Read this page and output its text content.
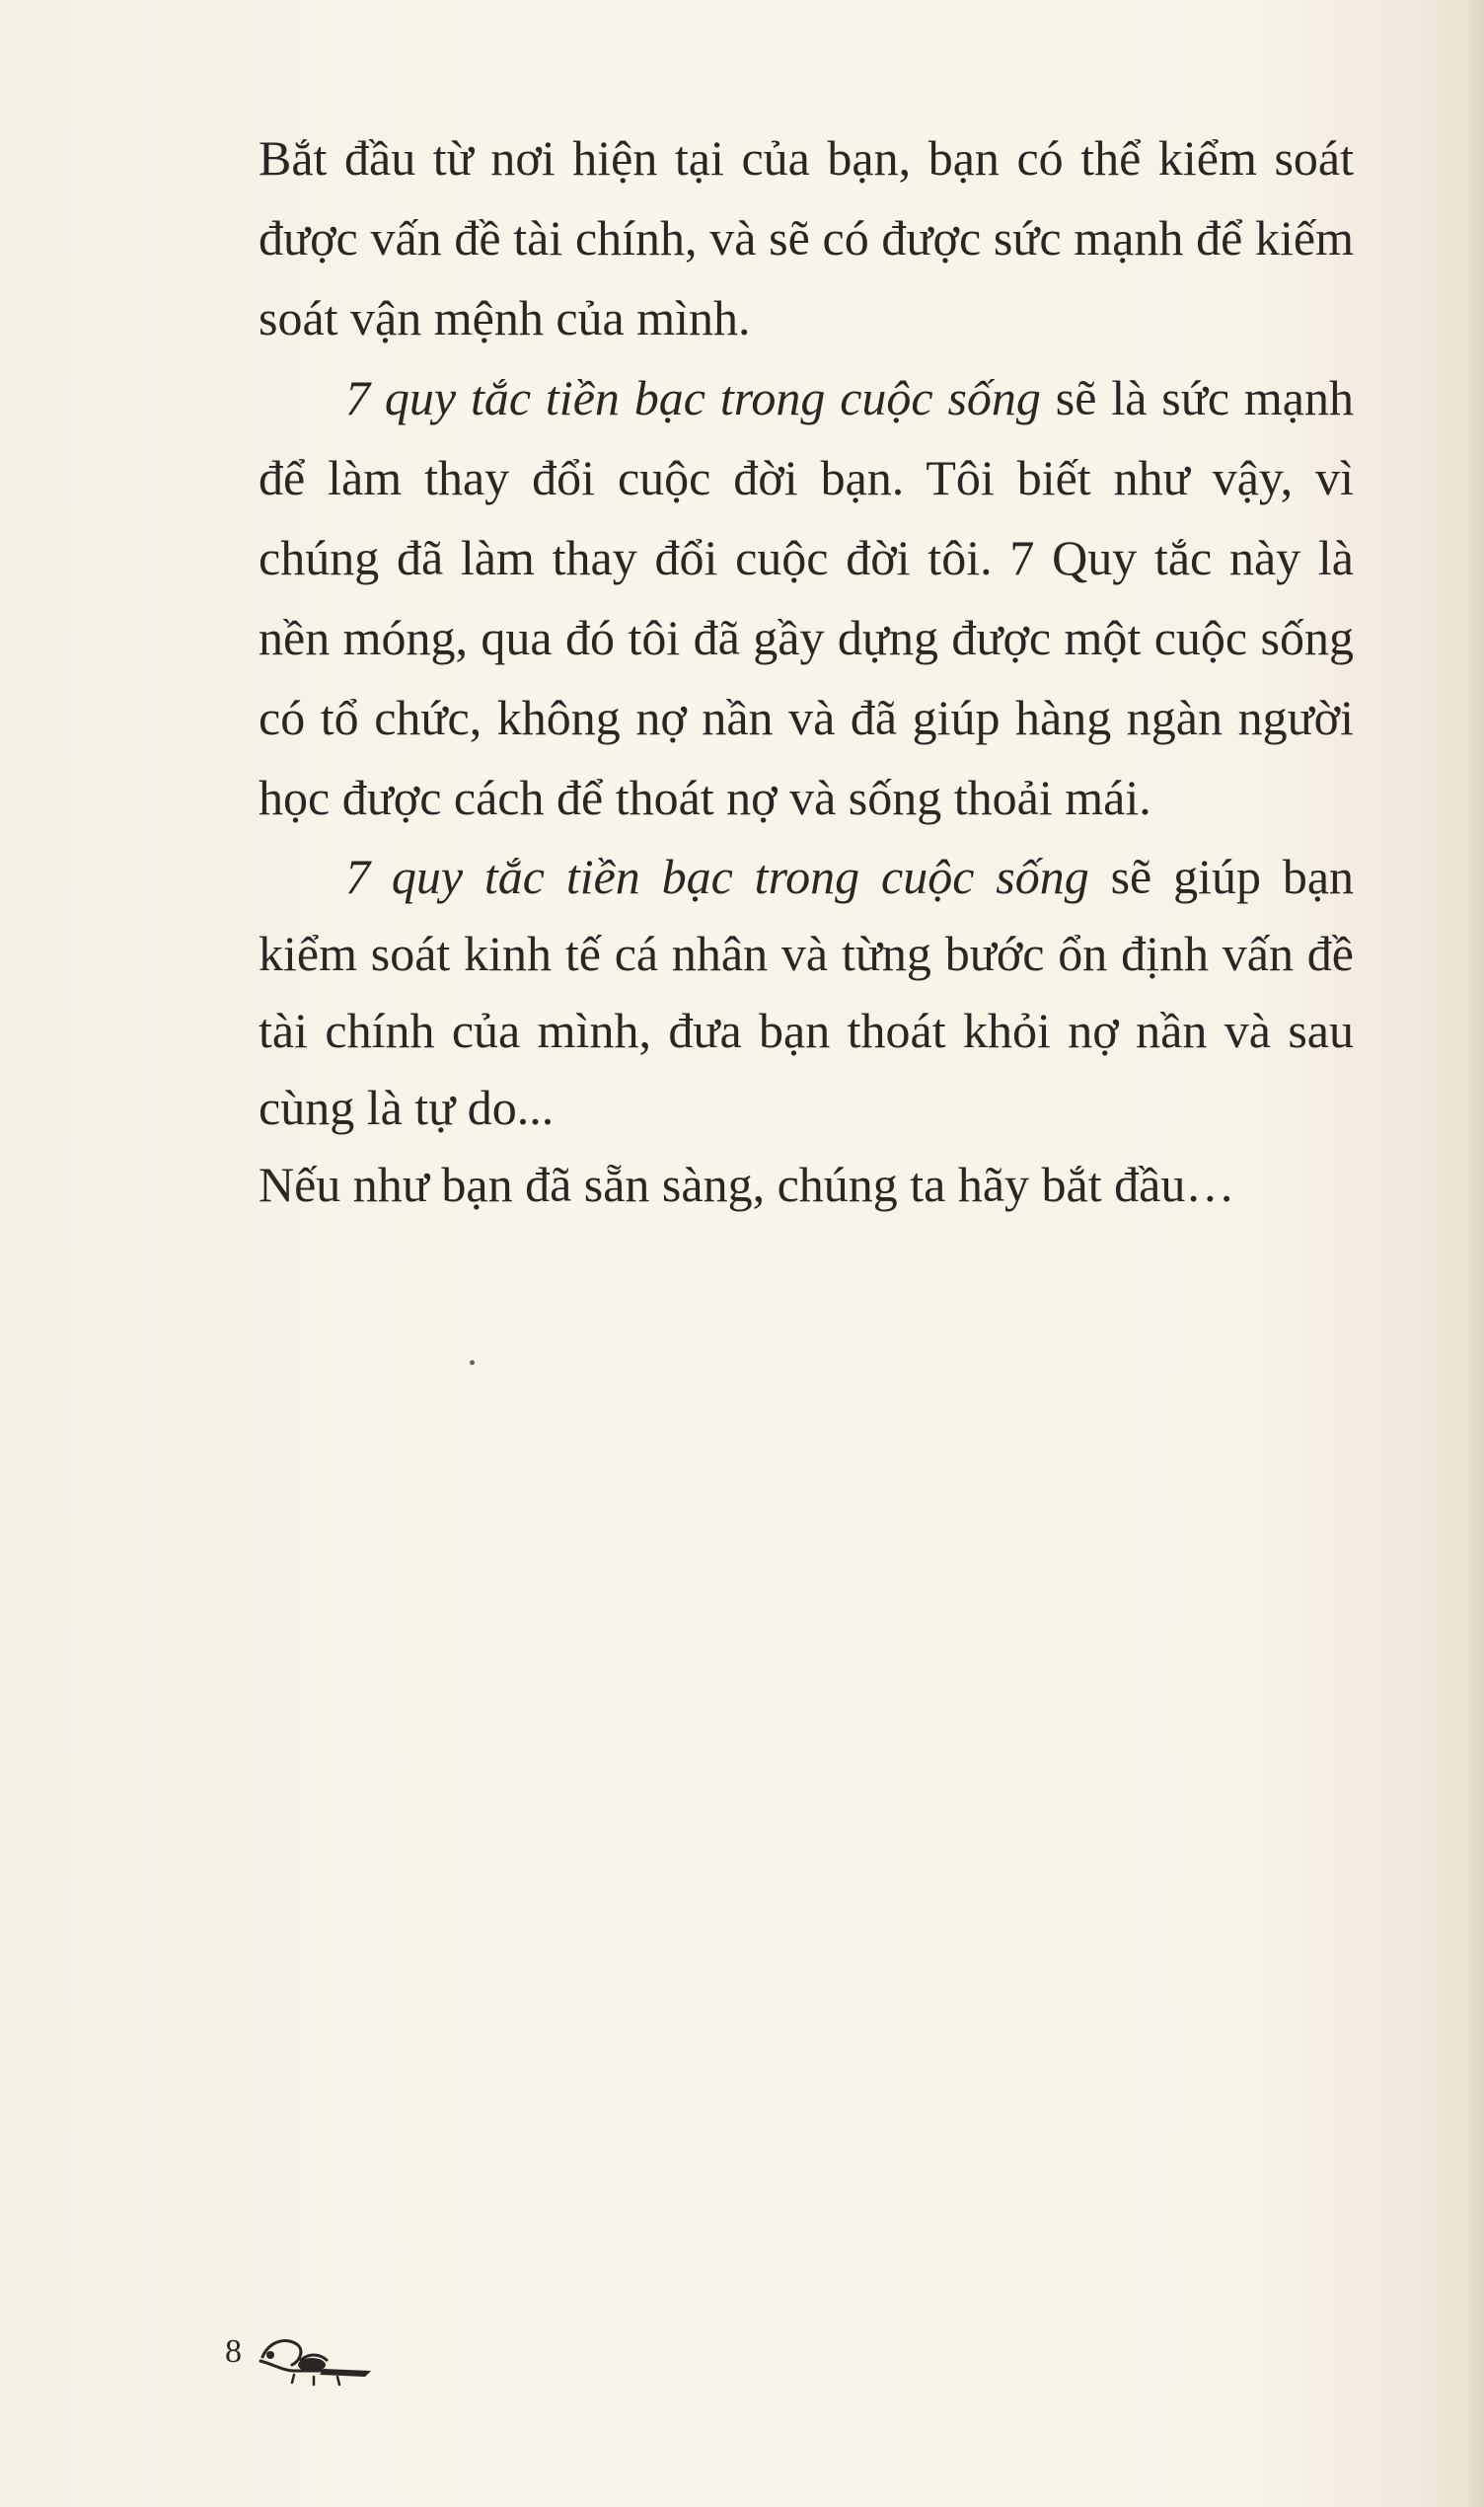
Bắt đầu từ nơi hiện tại của bạn, bạn có thể kiểm soát được vấn đề tài chính, và sẽ có được sức mạnh để kiếm soát vận mệnh của mình.

7 quy tắc tiền bạc trong cuộc sống sẽ là sức mạnh để làm thay đổi cuộc đời bạn. Tôi biết như vậy, vì chúng đã làm thay đổi cuộc đời tôi. 7 Quy tắc này là nền móng, qua đó tôi đã gầy dựng được một cuộc sống có tổ chức, không nợ nần và đã giúp hàng ngàn người học được cách để thoát nợ và sống thoải mái.

7 quy tắc tiền bạc trong cuộc sống sẽ giúp bạn kiểm soát kinh tế cá nhân và từng bước ổn định vấn đề tài chính của mình, đưa bạn thoát khỏi nợ nần và sau cùng là tự do...

Nếu như bạn đã sẵn sàng, chúng ta hãy bắt đầu…

8
